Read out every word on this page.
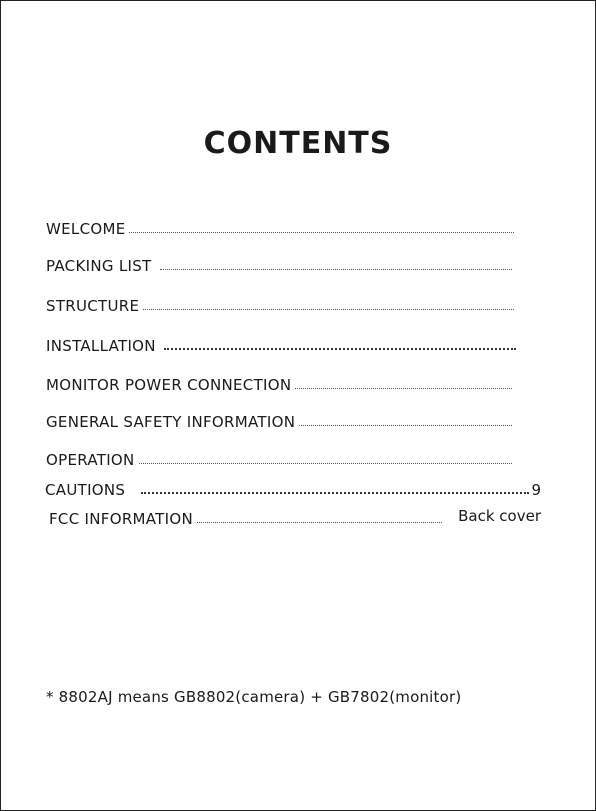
CONTENTS
WELCOME
PACKING LIST
STRUCTURE
INSTALLATION
MONITOR POWER CONNECTION
GENERAL SAFETY INFORMATION
OPERATION
CAUTIONS	9
FCC INFORMATION	Back cover
* 8802AJ means GB8802(camera) + GB7802(monitor)
